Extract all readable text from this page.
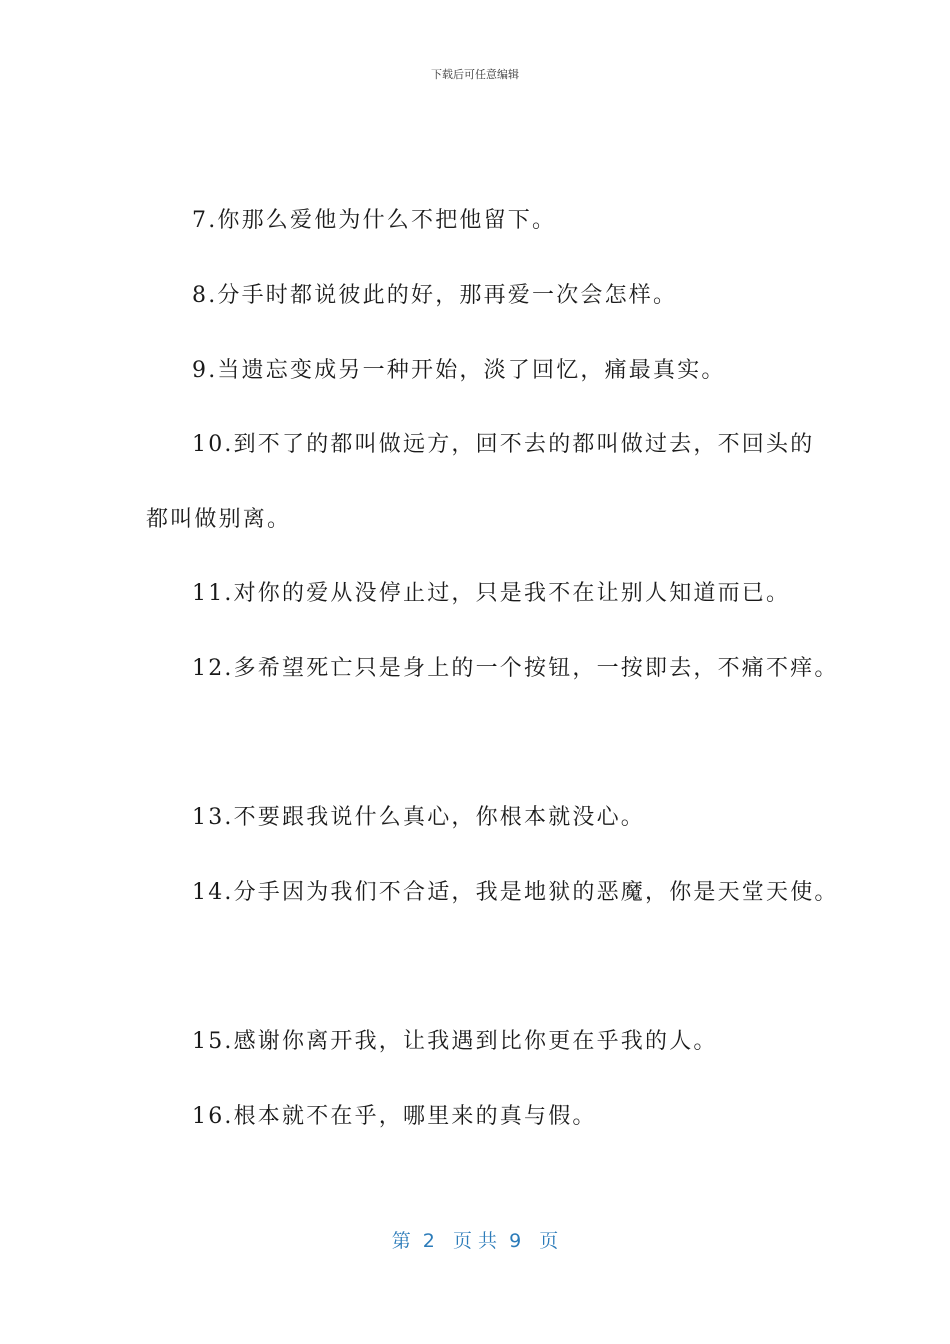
下载后可任意编辑
7.你那么爱他为什么不把他留下。
8.分手时都说彼此的好，那再爱一次会怎样。
9.当遗忘变成另一种开始，淡了回忆，痛最真实。
10.到不了的都叫做远方，回不去的都叫做过去，不回头的
都叫做别离。
11.对你的爱从没停止过，只是我不在让别人知道而已。
12.多希望死亡只是身上的一个按钮，一按即去，不痛不痒。
13.不要跟我说什么真心，你根本就没心。
14.分手因为我们不合适，我是地狱的恶魔，你是天堂天使。
15.感谢你离开我，让我遇到比你更在乎我的人。
16.根本就不在乎，哪里来的真与假。
第  2   页 共  9   页
